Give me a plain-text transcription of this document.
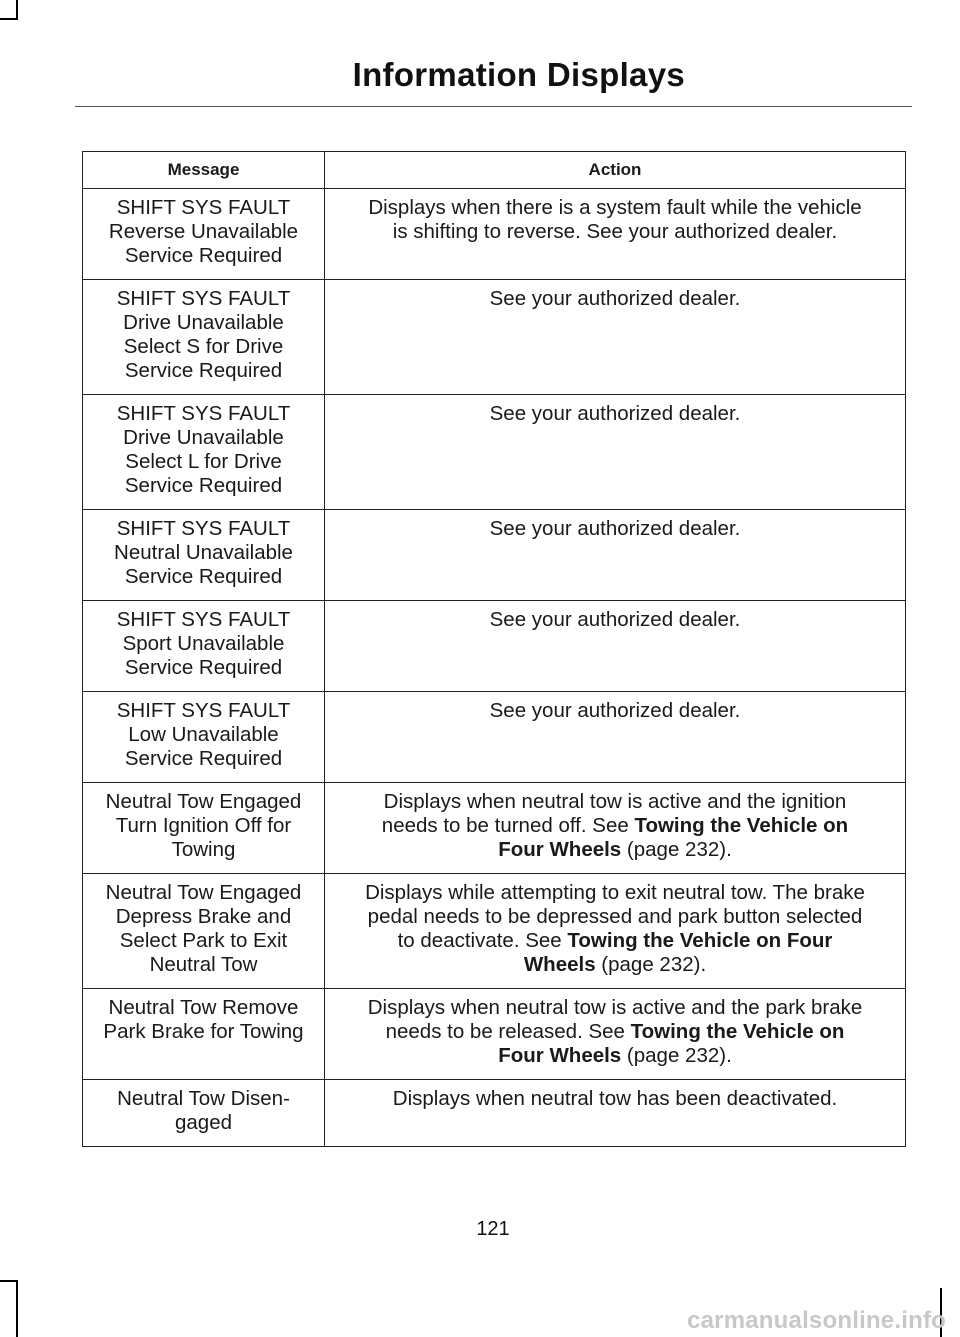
Information Displays
Message	Action

SHIFT SYS FAULT
Reverse Unavailable
Service Required	Displays when there is a system fault while the vehicle
is shifting to reverse. See your authorized dealer.

SHIFT SYS FAULT
Drive Unavailable
Select S for Drive
Service Required	See your authorized dealer.

SHIFT SYS FAULT
Drive Unavailable
Select L for Drive
Service Required	See your authorized dealer.

SHIFT SYS FAULT
Neutral Unavailable
Service Required	See your authorized dealer.

SHIFT SYS FAULT
Sport Unavailable
Service Required	See your authorized dealer.

SHIFT SYS FAULT
Low Unavailable
Service Required	See your authorized dealer.

Neutral Tow Engaged
Turn Ignition Off for
Towing	Displays when neutral tow is active and the ignition
needs to be turned off. See Towing the Vehicle on
Four Wheels (page 232).

Neutral Tow Engaged
Depress Brake and
Select Park to Exit
Neutral Tow	Displays while attempting to exit neutral tow. The brake
pedal needs to be depressed and park button selected
to deactivate. See Towing the Vehicle on Four
Wheels (page 232).

Neutral Tow Remove
Park Brake for Towing	Displays when neutral tow is active and the park brake
needs to be released. See Towing the Vehicle on
Four Wheels (page 232).

Neutral Tow Disen-
gaged	Displays when neutral tow has been deactivated.
121
carmanualsonline.info
